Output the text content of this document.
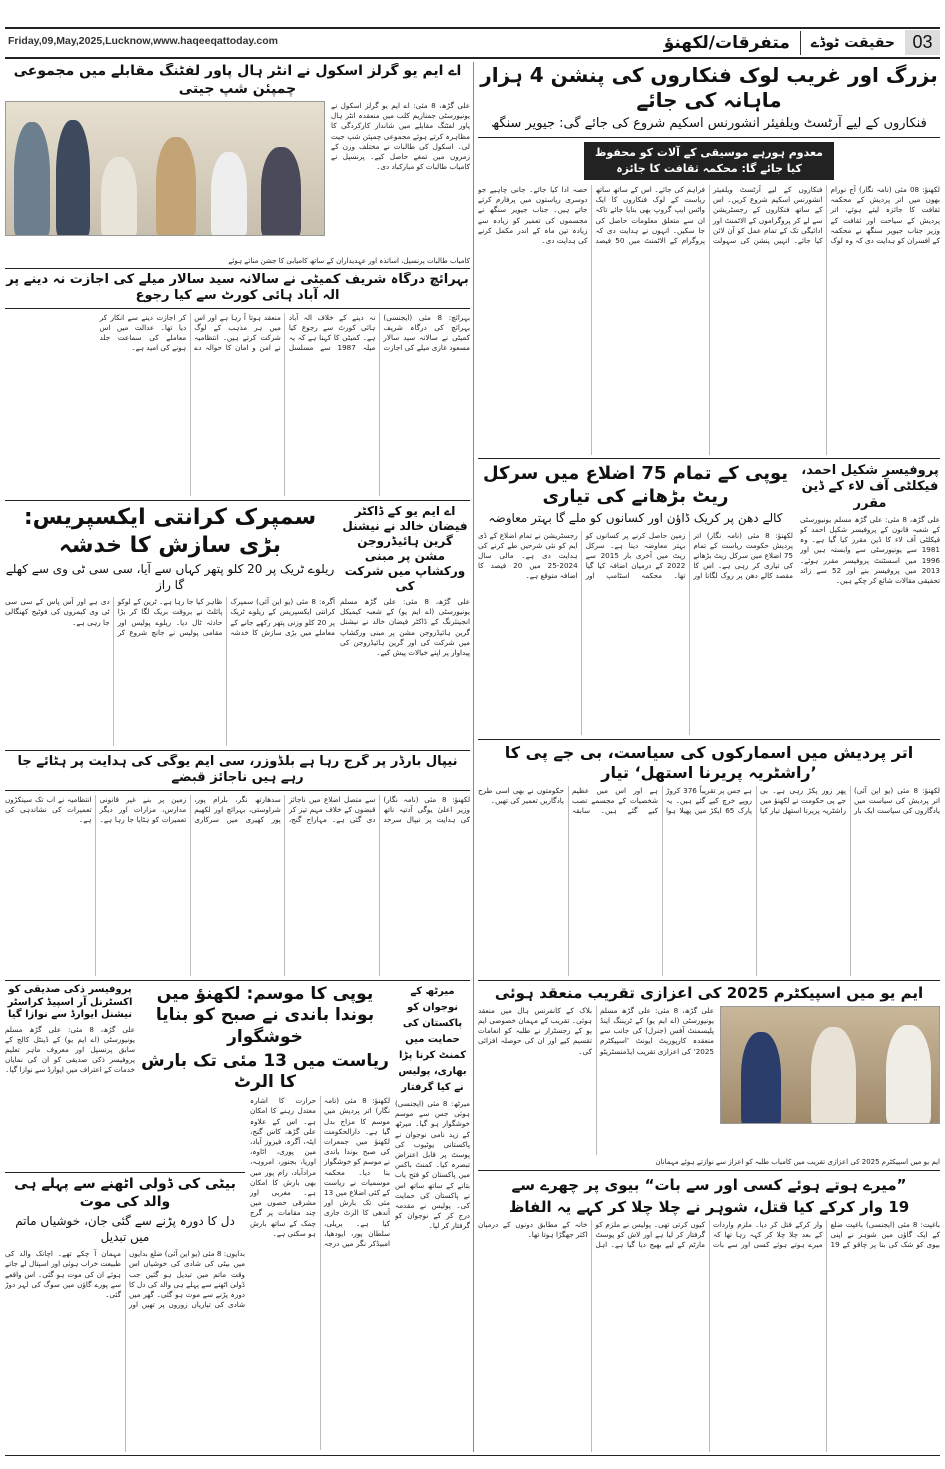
Friday,09,May,2025,Lucknow,www.haqeeqattoday.com	03
حقیقت ٹوڈے
متفرقات/لکھنؤ
بزرگ اور غریب لوک فنکاروں کی پنشن 4 ہزار ماہانہ کی جائے
فنکاروں کے لیے آرٹسٹ ویلفیئر انشورنس اسکیم شروع کی جائے گی: جیویر سنگھ
معدوم ہورہے موسیقی کے آلات کو محفوظ کیا جائے گا: محکمہ ثقافت کا جائزہ
لکھنؤ: 08 مئی (نامہ نگار) آج نورام بھون میں اتر پردیش کے محکمہ ثقافت کا جائزہ لیتے ہوئے، اتر پردیش کے سیاحت اور ثقافت کے وزیر جناب جیویر سنگھ نے محکمہ کے افسران کو ہدایت دی کہ وہ لوک فنکاروں کے لیے آرٹسٹ ویلفیئر انشورنس اسکیم شروع کریں۔ اس کے ساتھ فنکاروں کے رجسٹریشن سے لے کر پروگراموں کے الاٹمنٹ اور ادائیگی تک کے تمام عمل کو آن لائن کیا جائے۔ انہیں پنشن کی سہولت فراہم کی جائے۔ اس کے ساتھ ساتھ ریاست کے لوک فنکاروں کا ایک واٹس ایپ گروپ بھی بنایا جائے تاکہ ان سے متعلق معلومات حاصل کی جا سکیں۔ انہوں نے ہدایت دی کہ پروگرام کے الاٹمنٹ میں 50 فیصد حصہ ادا کیا جائے۔ جانی چاہیے جو دوسری ریاستوں میں پرفارم کرتے جاتے ہیں۔ جناب جیویر سنگھ نے مجسموں کی تعمیر کو زیادہ سے زیادہ تین ماہ کے اندر مکمل کرنے کی ہدایت دی۔
یوپی کے تمام 75 اضلاع میں سرکل ریٹ بڑھانے کی تیاری
کالے دھن پر کریک ڈاؤن اور کسانوں کو ملے گا بہتر معاوضہ
لکھنؤ: 8 مئی (نامہ نگار) اتر پردیش حکومت ریاست کے تمام 75 اضلاع میں سرکل ریٹ بڑھانے کی تیاری کر رہی ہے۔ اس کا مقصد کالے دھن پر روک لگانا اور زمین حاصل کرنے پر کسانوں کو بہتر معاوضہ دینا ہے۔ سرکل ریٹ میں آخری بار 2015 سے 2022 کے درمیان اضافہ کیا گیا تھا۔ محکمہ اسٹامپ اور رجسٹریشن نے تمام اضلاع کے ڈی ایم کو نئی شرحیں طے کرنے کی ہدایت دی ہے۔ مالی سال 2024-25 میں 20 فیصد کا اضافہ متوقع ہے۔
پروفیسر شکیل احمد، فیکلٹی آف لاء کے ڈین مقرر
علی گڑھ، 8 مئی: علی گڑھ مسلم یونیورسٹی کے شعبہ قانون کے پروفیسر شکیل احمد کو فیکلٹی آف لاء کا ڈین مقرر کیا گیا ہے۔ وہ 1981 سے یونیورسٹی سے وابستہ ہیں اور 1996 میں اسسٹنٹ پروفیسر مقرر ہوئے۔ 2013 میں پروفیسر بنے اور 52 سے زائد تحقیقی مقالات شائع کر چکے ہیں۔
اتر پردیش میں اسمارکوں کی سیاست، بی جے پی کا ’راشٹریہ پریرنا استھل‘ تیار
لکھنؤ: 8 مئی (یو این آئی) اتر پردیش کی سیاست میں یادگاروں کی سیاست ایک بار پھر زور پکڑ رہی ہے۔ بی جے پی حکومت نے لکھنؤ میں راشٹریہ پریرنا استھل تیار کیا ہے جس پر تقریباً 376 کروڑ روپے خرچ کیے گئے ہیں۔ یہ پارک 65 ایکڑ میں پھیلا ہوا ہے اور اس میں عظیم شخصیات کے مجسمے نصب کیے گئے ہیں۔ سابقہ حکومتوں نے بھی اسی طرح یادگاریں تعمیر کی تھیں۔
ایم یو میں اسپیکٹرم 2025 کی اعزازی تقریب منعقد ہوئی
علی گڑھ، 8 مئی: علی گڑھ مسلم یونیورسٹی (اے ایم یو) کے ٹریننگ اینڈ پلیسمنٹ آفس (جنرل) کی جانب سے منعقدہ کارپوریٹ ایونٹ ’اسپیکٹرم 2025‘ کی اعزازی تقریب ایڈمنسٹریٹو بلاک کے کانفرنس ہال میں منعقد ہوئی۔ تقریب کے مہمان خصوصی ایم یو کے رجسٹرار نے طلبہ کو انعامات تقسیم کیے اور ان کی حوصلہ افزائی کی۔
ایم یو میں اسپیکٹرم 2025 کی اعزازی تقریب میں کامیاب طلبہ کو اعزاز سے نوازتے ہوئے مہمانان
”میرے ہوتے ہوئے کسی اور سے بات“ بیوی پر چھرے سے
19 وار کرکے کیا قتل، شوہر نے چلا چلا کر کہے یہ الفاظ
باغپت: 8 مئی (ایجنسی) باغپت ضلع کے ایک گاؤں میں شوہر نے اپنی بیوی کو شک کی بنا پر چاقو کے 19 وار کرکے قتل کر دیا۔ ملزم واردات کے بعد چلا چلا کر کہہ رہا تھا کہ میرے ہوتے ہوئے کسی اور سے بات کیوں کرتی تھی۔ پولیس نے ملزم کو گرفتار کر لیا ہے اور لاش کو پوسٹ مارٹم کے لیے بھیج دیا گیا ہے۔ اہل خانہ کے مطابق دونوں کے درمیان اکثر جھگڑا ہوتا تھا۔
اے ایم یو گرلز اسکول نے انٹر ہال پاور لفٹنگ مقابلے میں مجموعی چمپئن شپ جیتی
علی گڑھ، 8 مئی: اے ایم یو گرلز اسکول نے یونیورسٹی جمنازیم کلب میں منعقدہ انٹر ہال پاور لفٹنگ مقابلے میں شاندار کارکردگی کا مظاہرہ کرتے ہوئے مجموعی چمپئن شپ جیت لی۔ اسکول کی طالبات نے مختلف وزن کے زمروں میں تمغے حاصل کیے۔ پرنسپل نے کامیاب طالبات کو مبارکباد دی۔
کامیاب طالبات پرنسپل، اساتذہ اور عہدیداران کے ساتھ کامیابی کا جشن مناتے ہوئے
بہرائچ درگاہ شریف کمیٹی نے سالانہ سید سالار میلے کی اجازت نہ دینے پر الہ آباد ہائی کورٹ سے کیا رجوع
بہرائچ: 8 مئی (ایجنسی) بہرائچ کی درگاہ شریف کمیٹی نے سالانہ سید سالار مسعود غازی میلے کی اجازت نہ دینے کے خلاف الہ آباد ہائی کورٹ سے رجوع کیا ہے۔ کمیٹی کا کہنا ہے کہ یہ میلہ 1987 سے مسلسل منعقد ہوتا آ رہا ہے اور اس میں ہر مذہب کے لوگ شرکت کرتے ہیں۔ انتظامیہ نے امن و امان کا حوالہ دے کر اجازت دینے سے انکار کر دیا تھا۔ عدالت میں اس معاملے کی سماعت جلد ہونے کی امید ہے۔
سمپرک کرانتی ایکسپریس: بڑی سازش کا خدشہ
ریلوے ٹریک پر 20 کلو پتھر کہاں سے آیا، سی سی ٹی وی سے کھلے گا راز
آگرہ: 8 مئی (یو این آئی) سمپرک کرانتی ایکسپریس کے ریلوے ٹریک پر 20 کلو وزنی پتھر رکھے جانے کے معاملے میں بڑی سازش کا خدشہ ظاہر کیا جا رہا ہے۔ ٹرین کے لوکو پائلٹ نے بروقت بریک لگا کر بڑا حادثہ ٹال دیا۔ ریلوے پولیس اور مقامی پولیس نے جانچ شروع کر دی ہے اور آس پاس کے سی سی ٹی وی کیمروں کی فوٹیج کھنگالی جا رہی ہے۔
اے ایم یو کے ڈاکٹر فیضان خالد نے نیشنل گرین ہائیڈروجن مشن پر مبنی ورکشاپ میں شرکت کی
علی گڑھ، 8 مئی: علی گڑھ مسلم یونیورسٹی (اے ایم یو) کے شعبہ کیمیکل انجینئرنگ کے ڈاکٹر فیضان خالد نے نیشنل گرین ہائیڈروجن مشن پر مبنی ورکشاپ میں شرکت کی اور گرین ہائیڈروجن کی پیداوار پر اپنے خیالات پیش کیے۔
نیپال بارڈر پر گرج رہا ہے بلڈوزر، سی ایم یوگی کی ہدایت پر ہٹائے جا رہے ہیں ناجائز قبضے
لکھنؤ: 8 مئی (نامہ نگار) وزیر اعلیٰ یوگی آدتیہ ناتھ کی ہدایت پر نیپال سرحد سے متصل اضلاع میں ناجائز قبضوں کے خلاف مہم تیز کر دی گئی ہے۔ مہاراج گنج، سدھارتھ نگر، بلرام پور، شراوستی، بہرائچ اور لکھیم پور کھیری میں سرکاری زمین پر بنے غیر قانونی مدارس، مزارات اور دیگر تعمیرات کو ہٹایا جا رہا ہے۔ انتظامیہ نے اب تک سینکڑوں تعمیرات کی نشاندہی کی ہے۔
پروفیسر ذکی صدیقی کو اکسٹرنل آر اسپیڈ کراسٹر نیشنل ایوارڈ سے نوازا گیا
علی گڑھ، 8 مئی: علی گڑھ مسلم یونیورسٹی (اے ایم یو) کے ڈینٹل کالج کے سابق پرنسپل اور معروف ماہر تعلیم پروفیسر ذکی صدیقی کو ان کی نمایاں خدمات کے اعتراف میں ایوارڈ سے نوازا گیا۔
یوپی کا موسم: لکھنؤ میں بوندا باندی نے صبح کو بنایا خوشگوار
ریاست میں 13 مئی تک بارش کا الرٹ
لکھنؤ: 8 مئی (نامہ نگار) اتر پردیش میں موسم کا مزاج بدل گیا ہے۔ دارالحکومت لکھنؤ میں جمعرات کی صبح بوندا باندی نے موسم کو خوشگوار بنا دیا۔ محکمہ موسمیات نے ریاست کے کئی اضلاع میں 13 مئی تک بارش اور آندھی کا الرٹ جاری کیا ہے۔ بریلی، سلطان پور، ایودھیا، امبیڈکر نگر میں درجہ حرارت کا اشارہ معتدل رہنے کا امکان ہے۔ اس کے علاوہ علی گڑھ، کاس گنج، ایٹہ، آگرہ، فیروز آباد، مین پوری، اٹاوہ، اوریا، بجنور، امروہہ، مرادآباد، رام پور میں بھی بارش کا امکان ہے۔ مغربی اور مشرقی حصوں میں چند مقامات پر گرج چمک کے ساتھ بارش ہو سکتی ہے۔
میرٹھ کے نوجوان کو پاکستان کی حمایت میں کمنٹ کرنا پڑا بھاری، پولیس نے کیا گرفتار
میرٹھ: 8 مئی (ایجنسی) ہوئی جس سے موسم خوشگوار ہو گیا۔ میرٹھ کے زید نامی نوجوان نے پاکستانی یوٹیوب کی پوسٹ پر قابل اعتراض تبصرہ کیا۔ کمنٹ باکس میں پاکستان کو فتح یاب بتانے کے ساتھ ساتھ اس نے پاکستان کی حمایت کی۔ پولیس نے مقدمہ درج کر کے نوجوان کو گرفتار کر لیا۔
بیٹی کی ڈولی اٹھنے سے پہلے ہی والد کی موت
دل کا دورہ پڑنے سے گئی جان، خوشیاں ماتم میں تبدیل
بدایوں: 8 مئی (یو این آئی) ضلع بدایوں میں بیٹی کی شادی کی خوشیاں اس وقت ماتم میں تبدیل ہو گئیں جب ڈولی اٹھنے سے پہلے ہی والد کی دل کا دورہ پڑنے سے موت ہو گئی۔ گھر میں شادی کی تیاریاں زوروں پر تھیں اور مہمان آ چکے تھے۔ اچانک والد کی طبیعت خراب ہوئی اور اسپتال لے جاتے ہوئے ان کی موت ہو گئی۔ اس واقعے سے پورے گاؤں میں سوگ کی لہر دوڑ گئی۔
